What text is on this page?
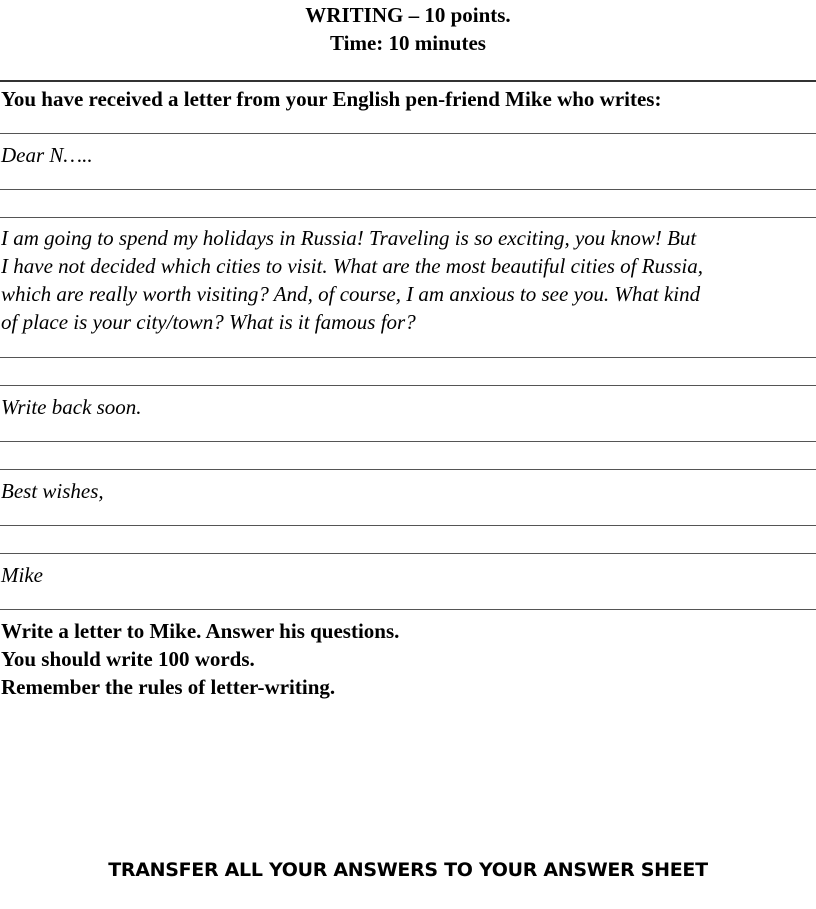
WRITING – 10 points.
Time: 10 minutes
You have received a letter from your English pen-friend Mike who writes:
Dear N…..
I am going to spend my holidays in Russia! Traveling is so exciting, you know! But
I have not decided which cities to visit. What are the most beautiful cities of Russia,
which are really worth visiting? And, of course, I am anxious to see you. What kind
of place is your city/town? What is it famous for?
Write back soon.
Best wishes,
Mike
Write a letter to Mike. Answer his questions.
You should write 100 words.
Remember the rules of letter-writing.
TRANSFER ALL YOUR ANSWERS TO YOUR ANSWER SHEET
